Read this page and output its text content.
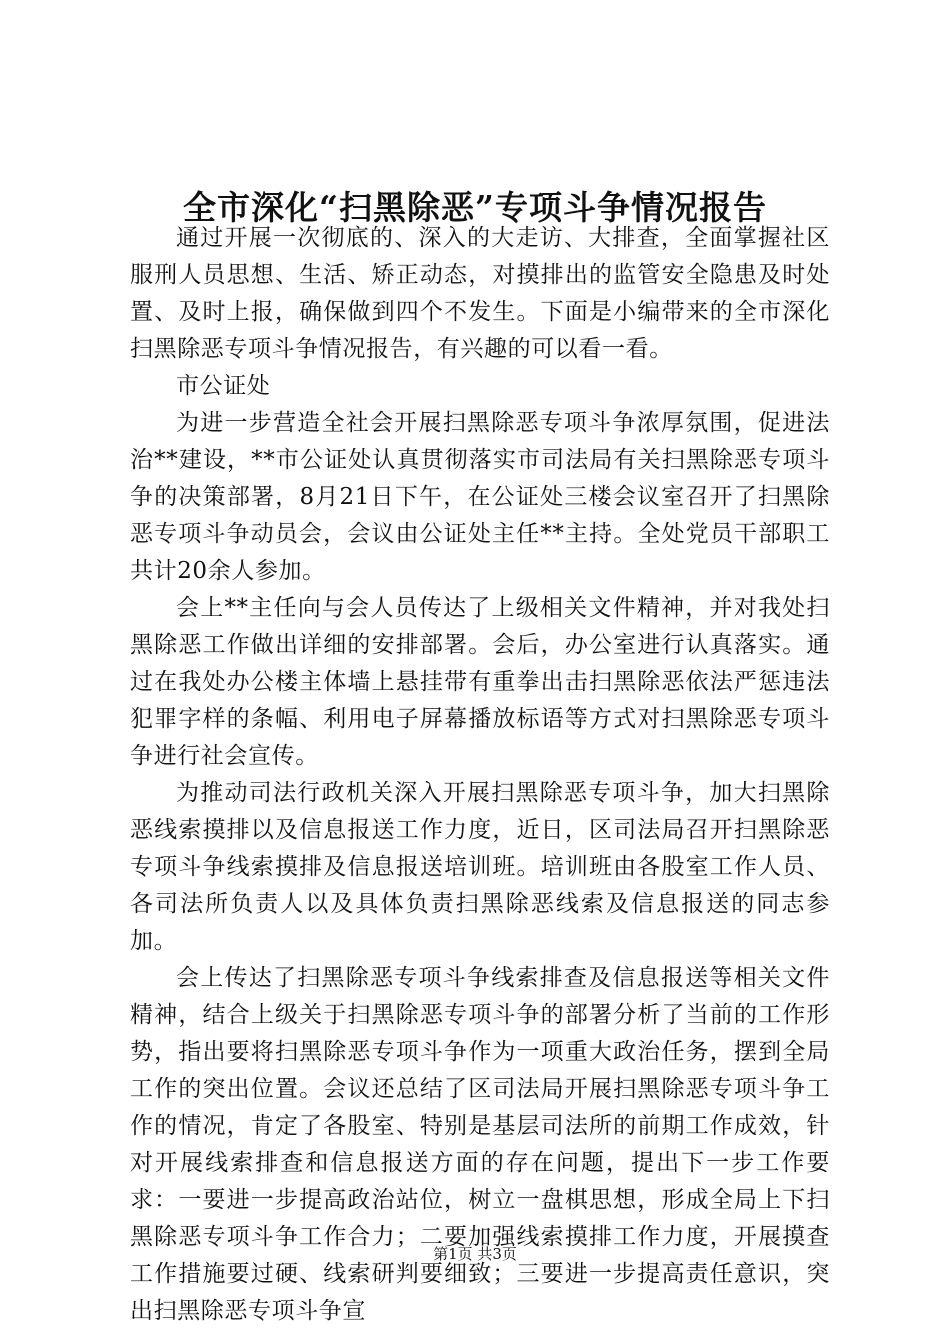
全市深化“扫黑除恶”专项斗争情况报告

通过开展一次彻底的、深入的大走访、大排查，全面掌握社区服刑人员思想、生活、矫正动态，对摸排出的监管安全隐患及时处置、及时上报，确保做到四个不发生。下面是小编带来的全市深化扫黑除恶专项斗争情况报告，有兴趣的可以看一看。

市公证处

为进一步营造全社会开展扫黑除恶专项斗争浓厚氛围，促进法治**建设，**市公证处认真贯彻落实市司法局有关扫黑除恶专项斗争的决策部署，8月21日下午，在公证处三楼会议室召开了扫黑除恶专项斗争动员会，会议由公证处主任**主持。全处党员干部职工共计20余人参加。

会上**主任向与会人员传达了上级相关文件精神，并对我处扫黑除恶工作做出详细的安排部署。会后，办公室进行认真落实。通过在我处办公楼主体墙上悬挂带有重拳出击扫黑除恶依法严惩违法犯罪字样的条幅、利用电子屏幕播放标语等方式对扫黑除恶专项斗争进行社会宣传。

为推动司法行政机关深入开展扫黑除恶专项斗争，加大扫黑除恶线索摸排以及信息报送工作力度，近日，区司法局召开扫黑除恶专项斗争线索摸排及信息报送培训班。培训班由各股室工作人员、各司法所负责人以及具体负责扫黑除恶线索及信息报送的同志参加。

会上传达了扫黑除恶专项斗争线索排查及信息报送等相关文件精神，结合上级关于扫黑除恶专项斗争的部署分析了当前的工作形势，指出要将扫黑除恶专项斗争作为一项重大政治任务，摆到全局工作的突出位置。会议还总结了区司法局开展扫黑除恶专项斗争工作的情况，肯定了各股室、特别是基层司法所的前期工作成效，针对开展线索排查和信息报送方面的存在问题，提出下一步工作要求：一要进一步提高政治站位，树立一盘棋思想，形成全局上下扫黑除恶专项斗争工作合力；二要加强线索摸排工作力度，开展摸查工作措施要过硬、线索研判要细致；三要进一步提高责任意识，突出扫黑除恶专项斗争宣

第1页 共3页
